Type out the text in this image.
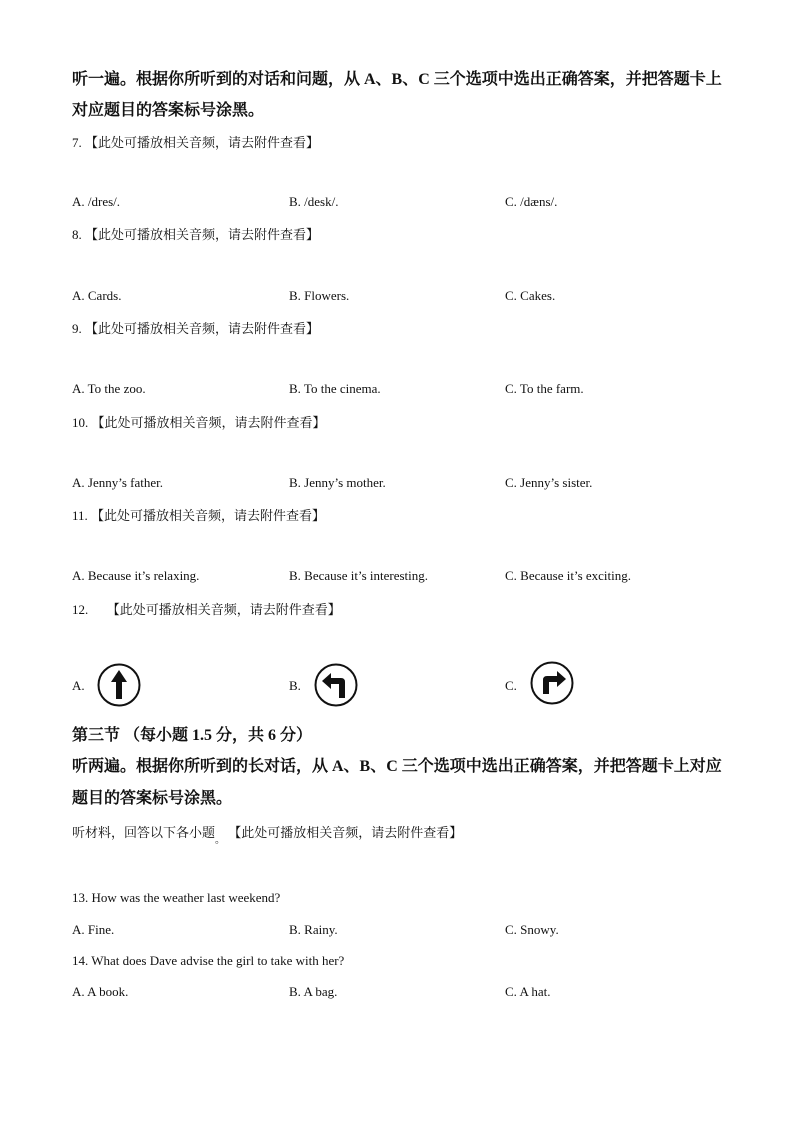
听一遍。根据你所听到的对话和问题，从 A、B、C 三个选项中选出正确答案，并把答题卡上
对应题目的答案标号涂黑。
7. 【此处可播放相关音频，请去附件查看】
A. /dres/.	B. /desk/.	C. /dæns/.
8. 【此处可播放相关音频，请去附件查看】
A. Cards.	B. Flowers.	C. Cakes.
9. 【此处可播放相关音频，请去附件查看】
A. To the zoo.	B. To the cinema.	C. To the farm.
10. 【此处可播放相关音频，请去附件查看】
A. Jenny’s father.	B. Jenny’s mother.	C. Jenny’s sister.
11. 【此处可播放相关音频，请去附件查看】
A. Because it’s relaxing.	B. Because it’s interesting.	C. Because it’s exciting.
12. 【此处可播放相关音频，请去附件查看】
A.	B.	C.
第三节 （每小题 1.5 分，共 6 分）
听两遍。根据你所听到的长对话，从 A、B、C 三个选项中选出正确答案，并把答题卡上对应
题目的答案标号涂黑。
听材料，回答以下各小题$_。$ 【此处可播放相关音频，请去附件查看】
13. How was the weather last weekend?
A. Fine.	B. Rainy.	C. Snowy.
14. What does Dave advise the girl to take with her?
A. A book.	B. A bag.	C. A hat.
